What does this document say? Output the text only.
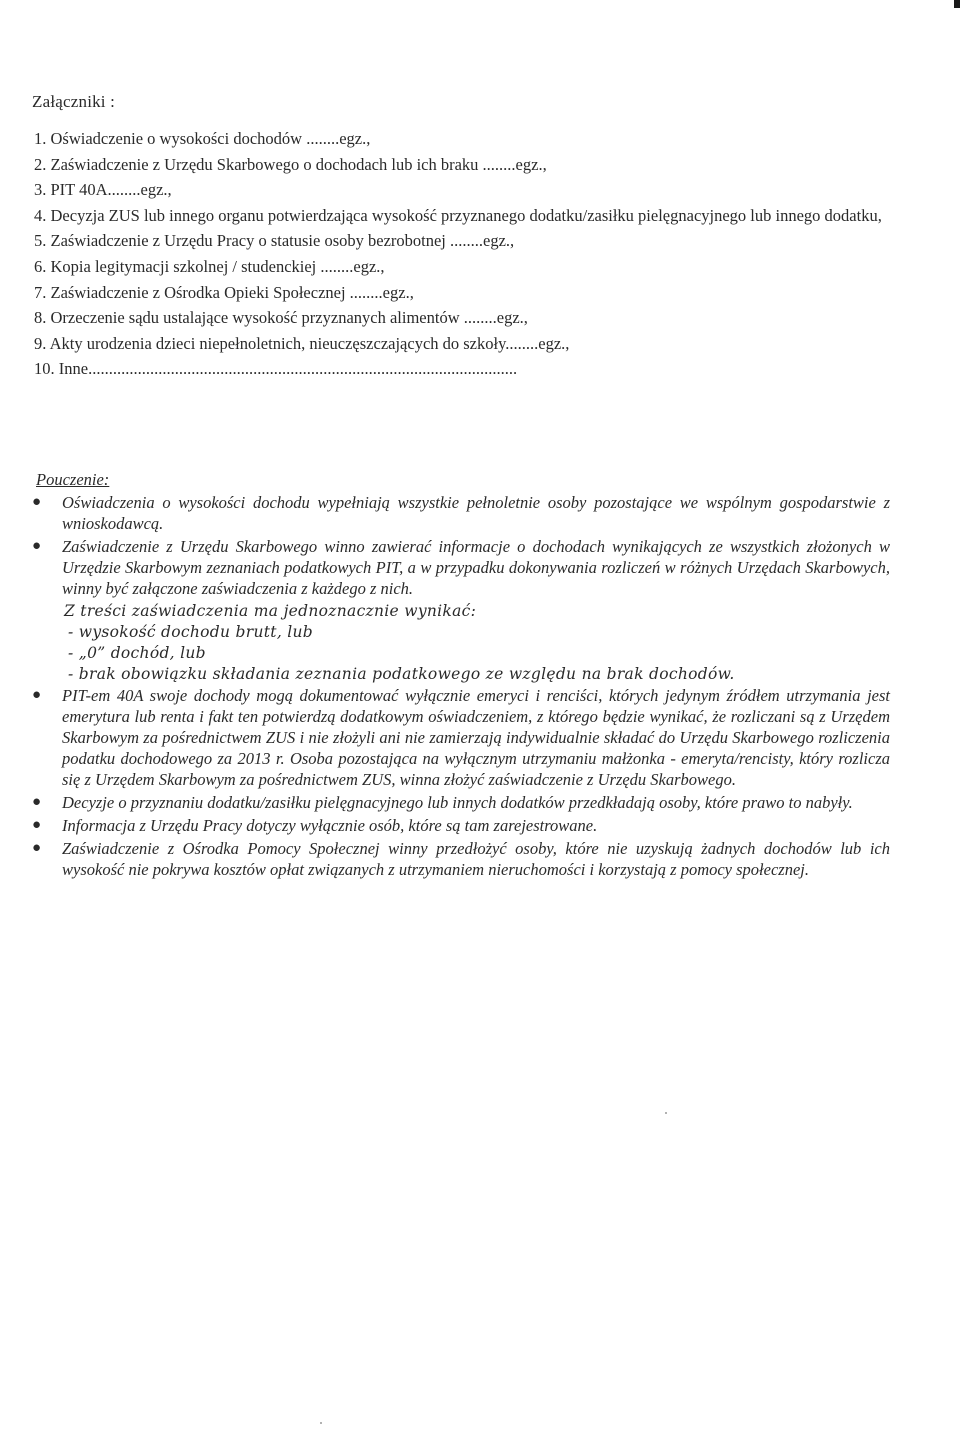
Załączniki :
1. Oświadczenie o wysokości dochodów ........egz.,
2. Zaświadczenie z Urzędu Skarbowego o dochodach lub ich braku ........egz.,
3. PIT 40A........egz.,
4. Decyzja ZUS lub innego organu potwierdzająca wysokość przyznanego dodatku/zasiłku pielęgnacyjnego lub innego dodatku,
5. Zaświadczenie z Urzędu Pracy o statusie osoby bezrobotnej ........egz.,
6. Kopia legitymacji szkolnej / studenckiej ........egz.,
7. Zaświadczenie z Ośrodka Opieki Społecznej ........egz.,
8. Orzeczenie sądu ustalające wysokość przyznanych alimentów ........egz.,
9. Akty urodzenia dzieci niepełnoletnich, nieuczęszczających do szkoły........egz.,
10. Inne........................................................................................................
Pouczenie:
● Oświadczenia o wysokości dochodu wypełniają wszystkie pełnoletnie osoby pozostające we wspólnym gospodarstwie z wnioskodawcą.
● Zaświadczenie z Urzędu Skarbowego winno zawierać informacje o dochodach wynikających ze wszystkich złożonych w Urzędzie Skarbowym zeznaniach podatkowych PIT, a w przypadku dokonywania rozliczeń w różnych Urzędach Skarbowych, winny być załączone zaświadczenia z każdego z nich.
Z treści zaświadczenia ma jednoznacznie wynikać:
- wysokość dochodu brutt, lub
- „0” dochód, lub
- brak obowiązku składania zeznania podatkowego ze względu na brak dochodów.
● PIT-em 40A swoje dochody mogą dokumentować wyłącznie emeryci i renciści, których jedynym źródłem utrzymania jest emerytura lub renta i fakt ten potwierdzą dodatkowym oświadczeniem, z którego będzie wynikać, że rozliczani są z Urzędem Skarbowym za pośrednictwem ZUS i nie złożyli ani nie zamierzają indywidualnie składać do Urzędu Skarbowego rozliczenia podatku dochodowego za 2013 r. Osoba pozostająca na wyłącznym utrzymaniu małżonka - emeryta/rencisty, który rozlicza się z Urzędem Skarbowym za pośrednictwem ZUS, winna złożyć zaświadczenie z Urzędu Skarbowego.
● Decyzje o przyznaniu dodatku/zasiłku pielęgnacyjnego lub innych dodatków przedkładają osoby, które prawo to nabyły.
● Informacja z Urzędu Pracy dotyczy wyłącznie osób, które są tam zarejestrowane.
● Zaświadczenie z Ośrodka Pomocy Społecznej winny przedłożyć osoby, które nie uzyskują żadnych dochodów lub ich wysokość nie pokrywa kosztów opłat związanych z utrzymaniem nieruchomości i korzystają z pomocy społecznej.
